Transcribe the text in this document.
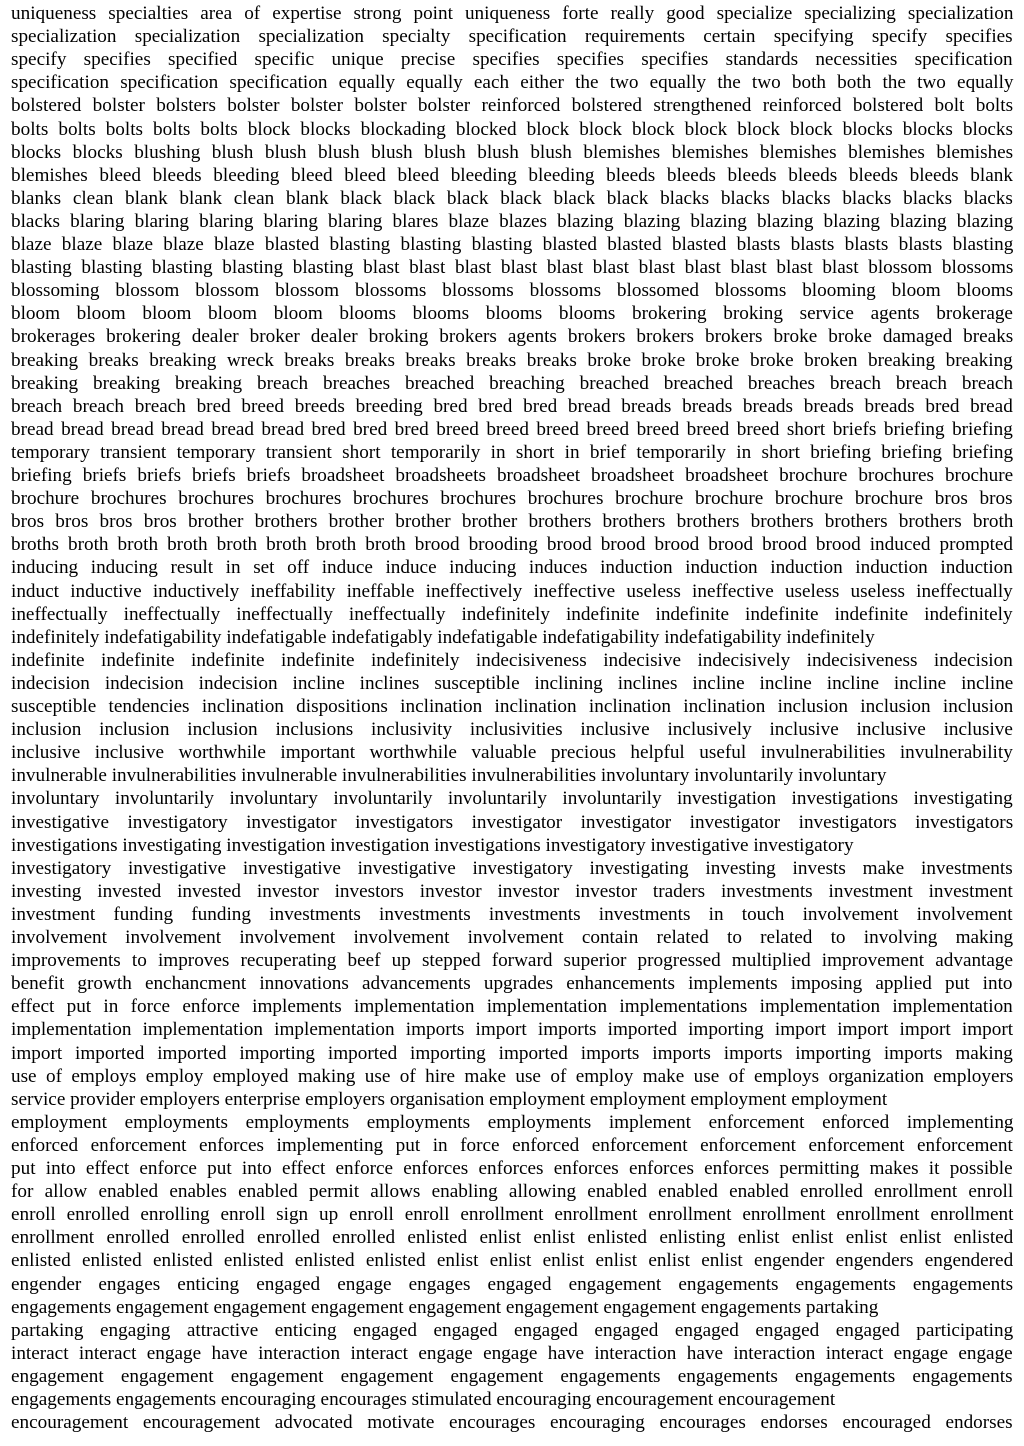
uniqueness specialties area of expertise strong point uniqueness forte really good specialize specializing specialization
specialization specialization specialization specialty specification requirements certain specifying specify specifies
specify specifies specified specific unique precise specifies specifies specifies standards necessities specification
specification specification specification equally equally each either the two equally the two both both the two equally
bolstered bolster bolsters bolster bolster bolster bolster reinforced bolstered strengthened reinforced bolstered bolt bolts
bolts bolts bolts bolts bolts block blocks blockading blocked block block block block block block blocks blocks blocks
blocks blocks blushing blush blush blush blush blush blush blush blemishes blemishes blemishes blemishes blemishes
blemishes bleed bleeds bleeding bleed bleed bleed bleeding bleeding bleeds bleeds bleeds bleeds bleeds bleeds blank
blanks clean blank blank clean blank black black black black black black blacks blacks blacks blacks blacks blacks
blacks blaring blaring blaring blaring blaring blares blaze blazes blazing blazing blazing blazing blazing blazing blazing
blaze blaze blaze blaze blaze blasted blasting blasting blasting blasted blasted blasted blasts blasts blasts blasts blasting
blasting blasting blasting blasting blasting blast blast blast blast blast blast blast blast blast blast blast blossom blossoms
blossoming blossom blossom blossom blossoms blossoms blossoms blossomed blossoms blooming bloom blooms
bloom bloom bloom bloom bloom blooms blooms blooms blooms brokering broking service agents brokerage
brokerages brokering dealer broker dealer broking brokers agents brokers brokers brokers broke broke damaged breaks
breaking breaks breaking wreck breaks breaks breaks breaks breaks broke broke broke broke broken breaking breaking
breaking breaking breaking breach breaches breached breaching breached breached breaches breach breach breach
breach breach breach bred breed breeds breeding bred bred bred bread breads breads breads breads breads bred bread
bread bread bread bread bread bread bred bred bred breed breed breed breed breed breed breed short briefs briefing briefing
temporary transient temporary transient short temporarily in short in brief temporarily in short briefing briefing briefing
briefing briefs briefs briefs briefs broadsheet broadsheets broadsheet broadsheet broadsheet brochure brochures brochure
brochure brochures brochures brochures brochures brochures brochures brochure brochure brochure brochure bros bros
bros bros bros bros brother brothers brother brother brother brothers brothers brothers brothers brothers brothers broth
broths broth broth broth broth broth broth broth brood brooding brood brood brood brood brood brood induced prompted
inducing inducing result in set off induce induce inducing induces induction induction induction induction induction
induct inductive inductively ineffability ineffable ineffectively ineffective useless ineffective useless useless ineffectually
ineffectually ineffectually ineffectually ineffectually indefinitely indefinite indefinite indefinite indefinite indefinitely
indefinitely indefatigability indefatigable indefatigably indefatigable indefatigability indefatigability indefinitely
indefinite indefinite indefinite indefinite indefinitely indecisiveness indecisive indecisively indecisiveness indecision
indecision indecision indecision incline inclines susceptible inclining inclines incline incline incline incline incline
susceptible tendencies inclination dispositions inclination inclination inclination inclination inclusion inclusion inclusion
inclusion inclusion inclusion inclusions inclusivity inclusivities inclusive inclusively inclusive inclusive inclusive
inclusive inclusive worthwhile important worthwhile valuable precious helpful useful invulnerabilities invulnerability
invulnerable invulnerabilities invulnerable invulnerabilities invulnerabilities involuntary involuntarily involuntary
involuntary involuntarily involuntary involuntarily involuntarily involuntarily investigation investigations investigating
investigative investigatory investigator investigators investigator investigator investigator investigators investigators
investigations investigating investigation investigation investigations investigatory investigative investigatory
investigatory investigative investigative investigative investigatory investigating investing invests make investments
investing invested invested investor investors investor investor investor traders investments investment investment
investment funding funding investments investments investments investments in touch involvement involvement
involvement involvement involvement involvement involvement contain related to related to involving making
improvements to improves recuperating beef up stepped forward superior progressed multiplied improvement advantage
benefit growth enchancment innovations advancements upgrades enhancements implements imposing applied put into
effect put in force enforce implements implementation implementation implementations implementation implementation
implementation implementation implementation imports import imports imported importing import import import import
import imported imported importing imported importing imported imports imports imports importing imports making
use of employs employ employed making use of hire make use of employ make use of employs organization employers
service provider employers enterprise employers organisation employment employment employment employment
employment employments employments employments employments implement enforcement enforced implementing
enforced enforcement enforces implementing put in force enforced enforcement enforcement enforcement enforcement
put into effect enforce put into effect enforce enforces enforces enforces enforces enforces permitting makes it possible
for allow enabled enables enabled permit allows enabling allowing enabled enabled enabled enrolled enrollment enroll
enroll enrolled enrolling enroll sign up enroll enroll enrollment enrollment enrollment enrollment enrollment enrollment
enrollment enrolled enrolled enrolled enrolled enlisted enlist enlist enlisted enlisting enlist enlist enlist enlist enlisted
enlisted enlisted enlisted enlisted enlisted enlisted enlist enlist enlist enlist enlist enlist engender engenders engendered
engender engages enticing engaged engage engages engaged engagement engagements engagements engagements
engagements engagement engagement engagement engagement engagement engagement engagements partaking
partaking engaging attractive enticing engaged engaged engaged engaged engaged engaged engaged participating
interact interact engage have interaction interact engage engage have interaction have interaction interact engage engage
engagement engagement engagement engagement engagement engagements engagements engagements engagements
engagements engagements encouraging encourages stimulated encouraging encouragement encouragement
encouragement encouragement advocated motivate encourages encouraging encourages endorses encouraged endorses
